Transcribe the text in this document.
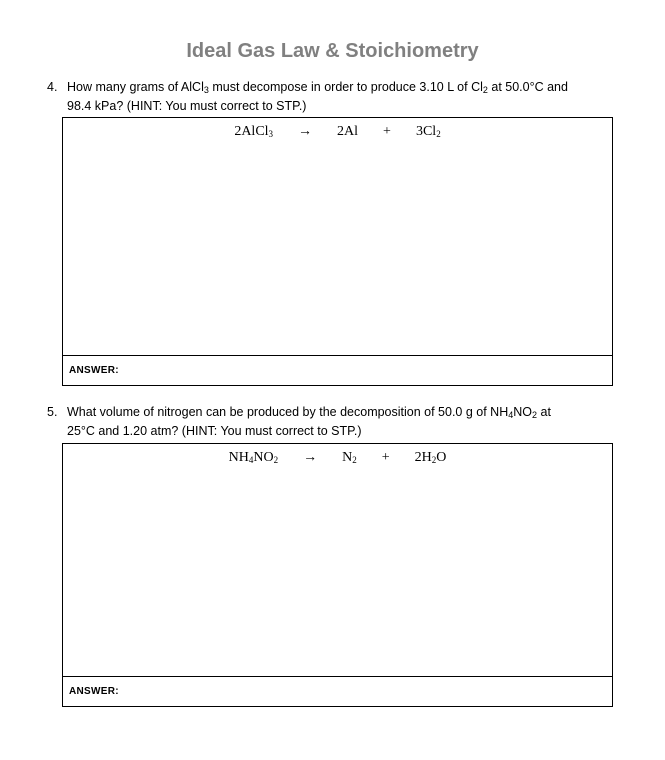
Ideal Gas Law & Stoichiometry
4. How many grams of AlCl$_3$ must decompose in order to produce 3.10 L of $Cl_2$ at 50.0°C and
98.4 kPa? (HINT: You must correct to STP.)
2AlCl$_3$ → $2Al + 3Cl_2$
ANSWER:
5. What volume of nitrogen can be produced by the decomposition of 50.0 g of $NH_4NO_2$ at
25°C and 1.20 atm? (HINT: You must correct to STP.)
$NH_4NO_2 \to N_2 + 2H_2O$
ANSWER:
